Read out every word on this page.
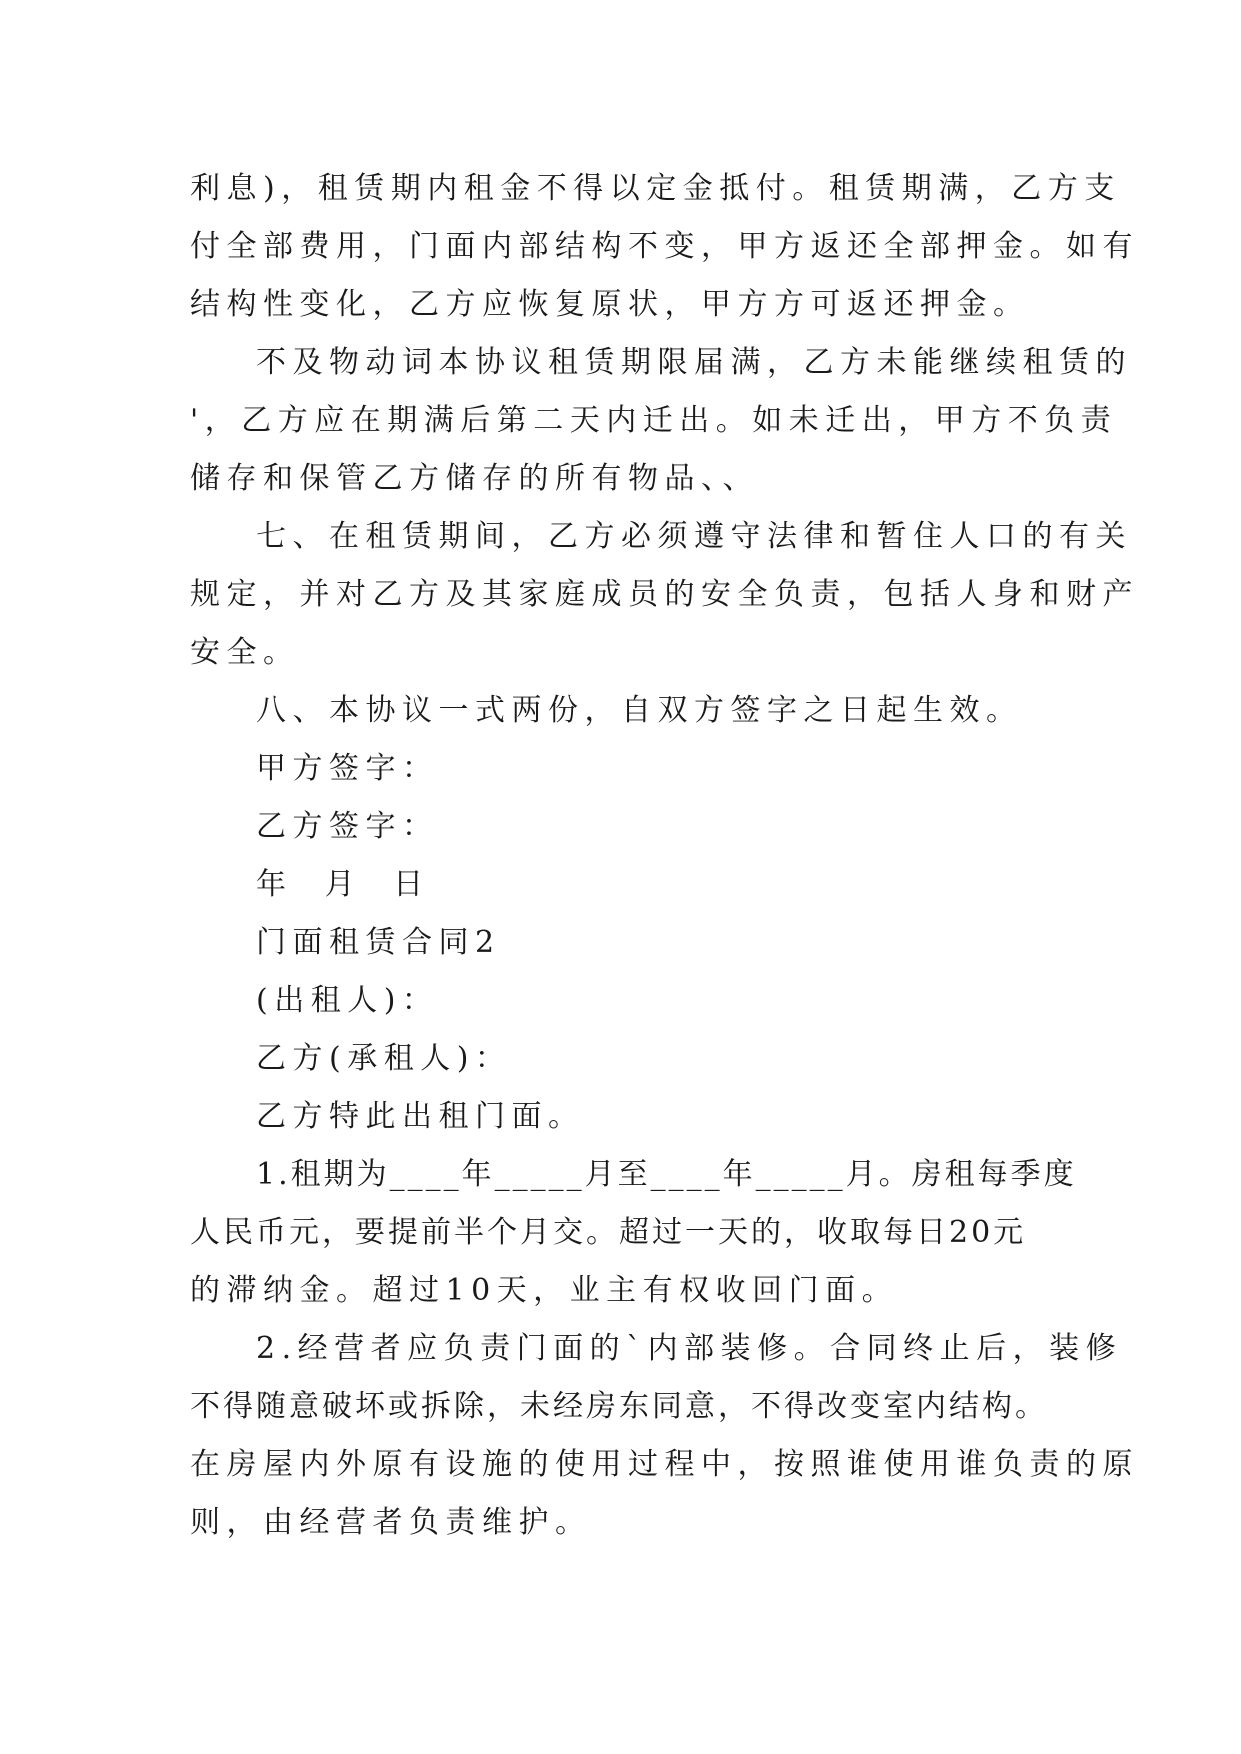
利息)，租赁期内租金不得以定金抵付。租赁期满，乙方支
付全部费用，门面内部结构不变，甲方返还全部押金。如有
结构性变化，乙方应恢复原状，甲方方可返还押金。
不及物动词本协议租赁期限届满，乙方未能继续租赁的
'，乙方应在期满后第二天内迁出。如未迁出，甲方不负责
储存和保管乙方储存的所有物品、、
七、在租赁期间，乙方必须遵守法律和暂住人口的有关
规定，并对乙方及其家庭成员的安全负责，包括人身和财产
安全。
八、本协议一式两份，自双方签字之日起生效。
甲方签字：
乙方签字：
年  月  日
门面租赁合同2
(出租人)：
乙方(承租人)：
乙方特此出租门面。
1.租期为____年_____月至____年_____月。房租每季度
人民币元，要提前半个月交。超过一天的，收取每日20元
的滞纳金。超过10天，业主有权收回门面。
2.经营者应负责门面的`内部装修。合同终止后，装修
不得随意破坏或拆除，未经房东同意，不得改变室内结构。
在房屋内外原有设施的使用过程中，按照谁使用谁负责的原
则，由经营者负责维护。
